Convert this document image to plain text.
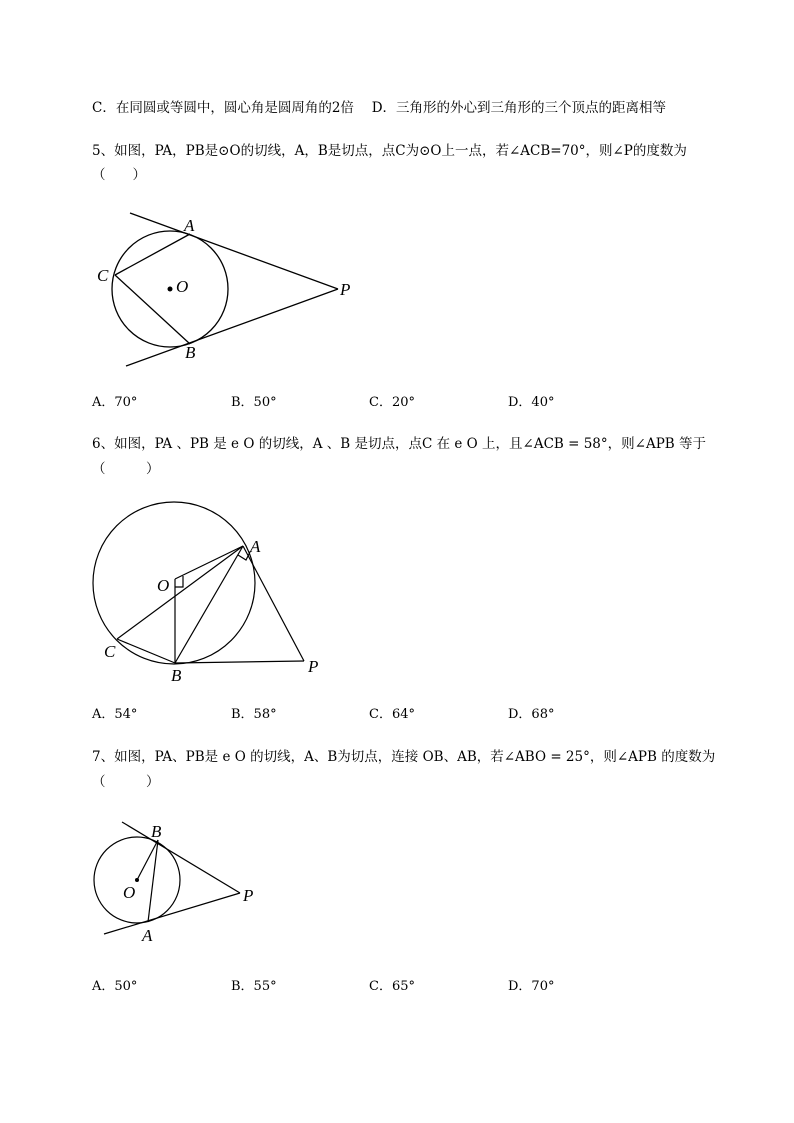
C．在同圆或等圆中，圆心角是圆周角的2倍　 D．三角形的外心到三角形的三个顶点的距离相等
5、如图，PA，PB是⊙O的切线，A，B是切点，点C为⊙O上一点，若∠ACB=70°，则∠P的度数为
（　　）
A
B
C
O	P
A．70°	B．50°	C．20°	D．40°
6、如图，PA 、PB 是 e O 的切线，A 、B 是切点，点C 在 e O 上，且∠ACB = 58°，则∠APB 等于
（　　　）
A
B
C
O
P
A．54°	B．58°	C．64°	D．68°
7、如图，PA、PB是 e O 的切线，A、B为切点，连接 OB、AB，若∠ABO = 25°，则∠APB 的度数为
（　　　）
B
A
O	P
A．50°	B．55°	C．65°	D．70°
